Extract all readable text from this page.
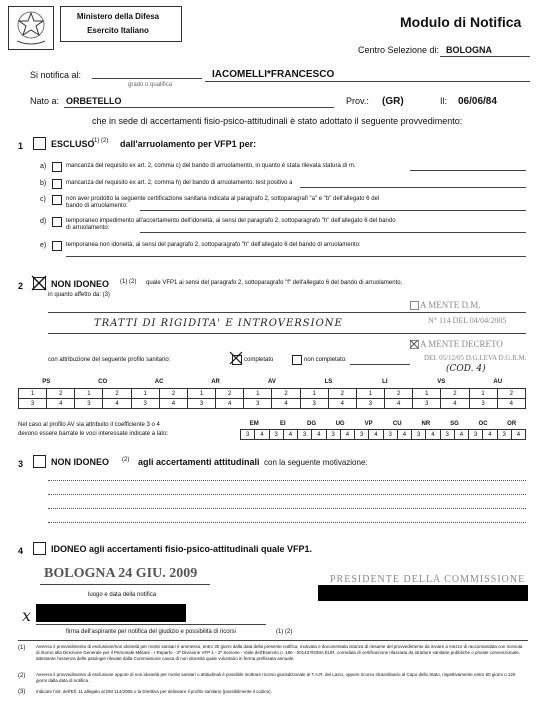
Ministero della Difesa
Esercito Italiano
Modulo di Notifica
Centro Selezione di: BOLOGNA
Si notifica al:
grado o qualifica
IACOMELLI*FRANCESCO
Nato a: ORBETELLO	Prov.: (GR)	Il: 06/06/84
che in sede di accertamenti fisio-psico-attitudinali è stato adottato il seguente provvedimento:
1	ESCLUSO
(1) (2) dall'arruolamento per VFP1 per:
a)	mancanza del requisito ex art. 2, comma c) del bando di arruolamento, in quanto è stata rilevata statura di m.
b)	mancanza del requisito ex art. 2, comma h) del bando di arruolamento: test positivo a
c)	non aver prodotto la seguente certificazione sanitaria indicata al paragrafo 2, sottoparagrafi "a" e "b" dell'allegato 6 del bando di arruolamento:
d)	temporaneo impedimento all'accertamento dell'idoneità, ai sensi del paragrafo 2, sottoparagrafo "h" dell'allegato 6 del bando di arruolamento:
e)	temporanea non idoneità, ai sensi del paragrafo 2, sottoparagrafo "h" dell'allegato 6 del bando di arruolamento:
2	NON IDONEO (1) (2) quale VFP1 ai sensi del paragrafo 2, sottoparagrafo "f" dell'allegato 6 del bando di arruolamento,
in quanto affetto da: (3)
TRATTI DI RIGIDITA' E INTROVERSIONE
A MENTE D.M.
N° 114 DEL 04/04/2005
A MENTE DECRETO
DEL 05/12/05 D.G.LEVA D.G.R.M.
(COD. 4)
con attribuzione del seguente profilo sanitario:	completato	non completato:
PS	CO	AC	AR	AV	LS	LI	VS	AU
1	2	1	2	1	2	1	2	1	2	1	2	1	2	1	2	1	2
3	4	3	4	3	4	3	4	3	4	3	4	3	4	3	4	3	4
Nel caso al profilo AV sia attribuito il coefficiente 3 o 4
devono essere barrate le voci interessate indicate a lato:
EM	EI	DG	UG	VP	CU	NR	SG	OC	OR
3	4	3	4	3	4	3	4	3	4	3	4	3	4	3	4	3	4	3	4
3	NON IDONEO (2) agli accertamenti attitudinali con la seguente motivazione:
4	IDONEO agli accertamenti fisio-psico-attitudinali quale VFP1.
BOLOGNA 24 GIU. 2009
luogo e data della notifica
PRESIDENTE DELLA COMMISSIONE
x
firma dell'aspirante per notifica del giudizio e possibilità di ricorsi	(1) (2)
(1) Avverso il provvedimento di esclusione/non idoneità per motivi sanitari è ammesso, entro 30 giorni dalla data della presente notifica, motivata e documentata istanza di riesame del provvedimento da inviare a mezzo di raccomandata con ricevuta di ritorno alla Direzione Generale per il Personale Militare - I Reparto - 3ª Divisione VFP 1 - 2ª Sezione - Viale dell'Esercito n. 186 - 00143 ROMA EUR, corredata di certificazione rilasciata da strutture sanitarie pubbliche o private convenzionate, attestante l'assenza delle patologie rilevate dalla Commissione causa di non idoneità quale volontario in ferma prefissata annuale.
(2) Avverso il provvedimento di esclusione oppure di non idoneità per motivi sanitari o attitudinali è possibile inoltrare ricorso giurisdizionale al T.A.R. del Lazio, oppure ricorso straordinario al Capo dello Stato, rispettivamente entro 60 giorni o 120 giorni dalla data di notifica.
(3) Indicare l'art. dell'Ell. 11 allegato al DM 114/2005 o la Direttiva per delineare il profilo sanitario (possibilmente il codice).
